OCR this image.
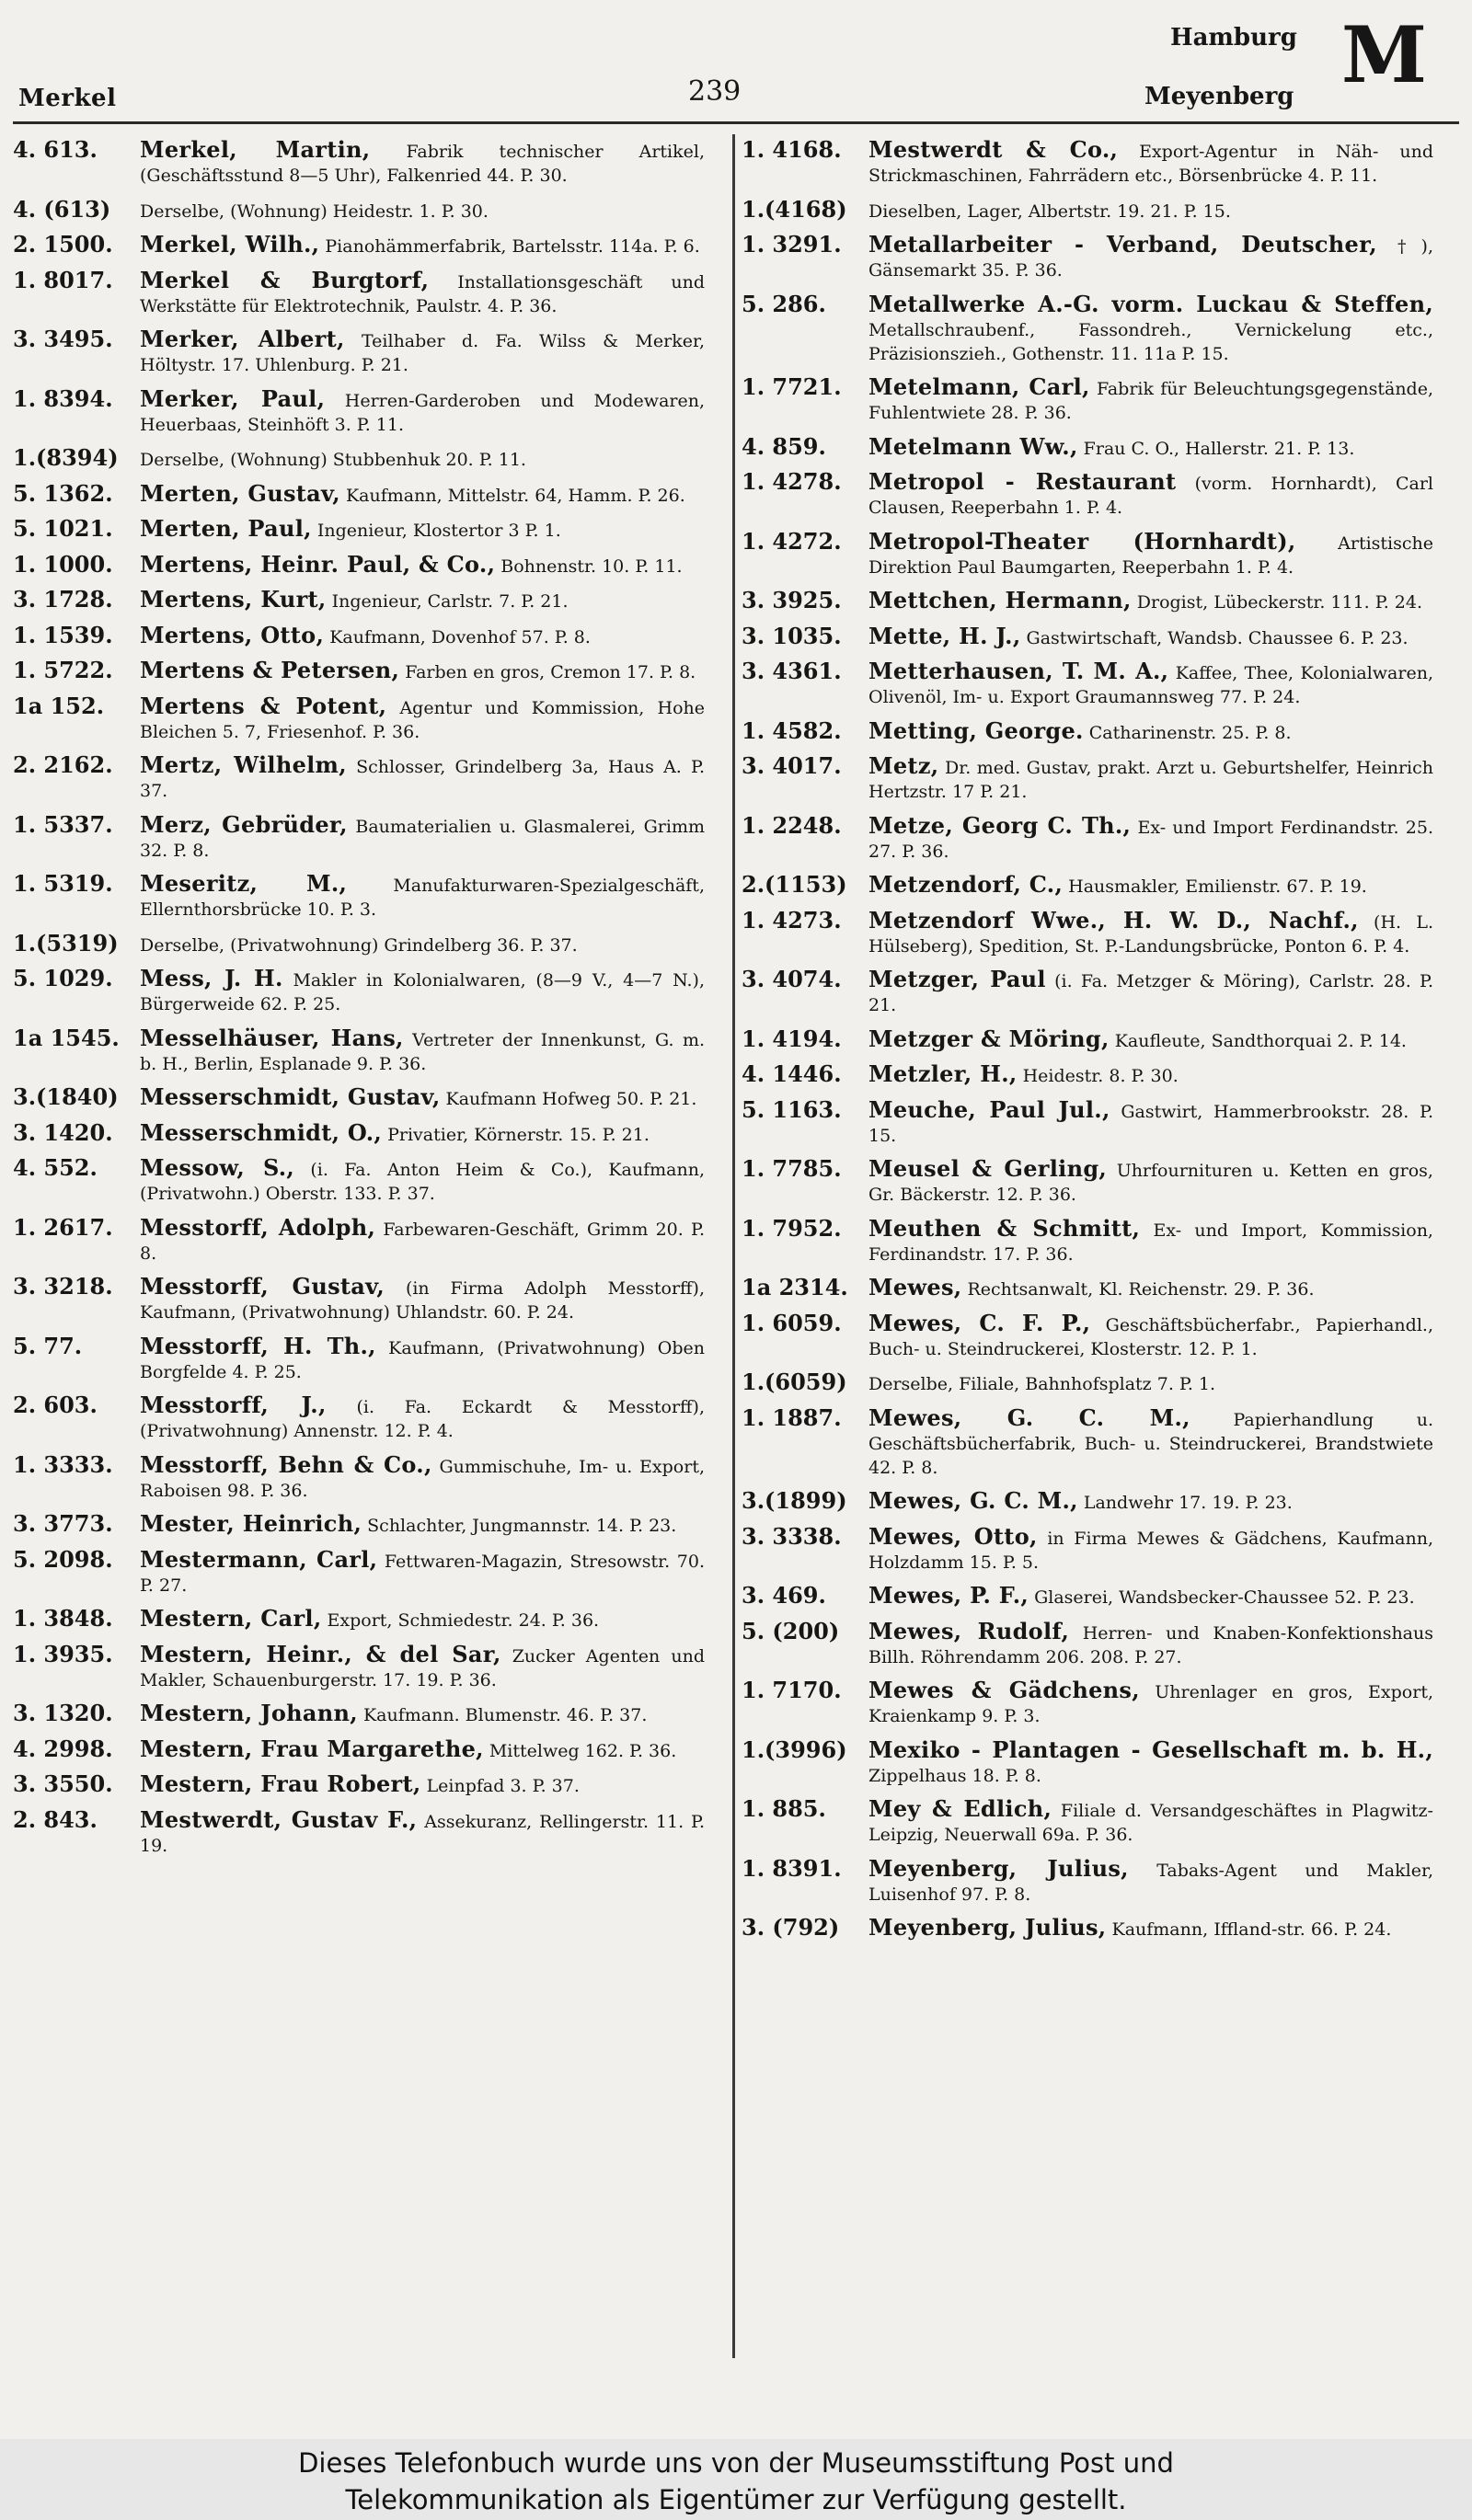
Merkel	239
Hamburg M
Meyenberg
4. 613.	Merkel, Martin, Fabrik technischer Artikel,(Geschäftsstund 8—5 Uhr), Falkenried 44. P. 30.
4. (613)	Derselbe, (Wohnung) Heidestr. 1. P. 30.
2. 1500.	Merkel, Wilh., Pianohämmerfabrik, Bartelsstr. 114a. P. 6.
1. 8017.	Merkel & Burgtorf, Installationsgeschäft und Werkstätte für Elektrotechnik, Paulstr. 4. P. 36.
3. 3495.	Merker, Albert, Teilhaber d. Fa. Wilss & Merker, Höltystr. 17. Uhlenburg. P. 21.
1. 8394.	Merker, Paul, Herren-Garderoben und Modewaren, Heuerbaas, Steinhöft 3. P. 11.
1.(8394)	Derselbe, (Wohnung) Stubbenhuk 20. P. 11.
5. 1362.	Merten, Gustav, Kaufmann, Mittelstr. 64, Hamm. P. 26.
5. 1021.	Merten, Paul, Ingenieur, Klostertor 3 P. 1.
1. 1000.	Mertens, Heinr. Paul, & Co., Bohnenstr. 10. P. 11.
3. 1728.	Mertens, Kurt, Ingenieur, Carlstr. 7. P. 21.
1. 1539.	Mertens, Otto, Kaufmann, Dovenhof 57. P. 8.
1. 5722.	Mertens & Petersen, Farben en gros, Cremon 17. P. 8.
1a 152.	Mertens & Potent, Agentur und Kommission, Hohe Bleichen 5. 7, Friesenhof. P. 36.
2. 2162.	Mertz, Wilhelm, Schlosser, Grindelberg 3a, Haus A. P. 37.
1. 5337.	Merz, Gebrüder, Baumaterialien u. Glasmalerei, Grimm 32. P. 8.
1. 5319.	Meseritz, M.,	Manufakturwaren-Spezialgeschäft, Ellernthorsbrücke 10. P. 3.
1.(5319)	Derselbe, (Privatwohnung) Grindelberg 36. P. 37.
5. 1029.	Mess, J. H. Makler in Kolonialwaren, (8—9 V., 4—7 N.), Bürgerweide 62. P. 25.
1a 1545. Messelhäuser, Hans, Vertreter der Innenkunst, G. m. b. H., Berlin, Esplanade 9. P. 36.
3.(1840) Messerschmidt, Gustav, Kaufmann Hofweg 50. P. 21.
3. 1420.	Messerschmidt, O., Privatier, Körnerstr. 15. P. 21.
4. 552.	Messow, S., (i. Fa. Anton Heim & Co.), Kaufmann, (Privatwohn.) Oberstr. 133. P. 37.
1. 2617.	Messtorff, Adolph, Farbewaren-Geschäft, Grimm 20. P. 8.
3. 3218.	Messtorff, Gustav, (in Firma Adolph Messtorff), Kaufmann, (Privatwohnung) Uhlandstr. 60. P. 24.
5. 77.	Messtorff, H. Th., Kaufmann, (Privatwohnung) Oben Borgfelde 4. P. 25.
2. 603.	Messtorff, J., (i. Fa. Eckardt & Messtorff), (Privatwohnung) Annenstr. 12. P. 4.
1. 3333.	Messtorff, Behn & Co., Gummischuhe, Im- u. Export, Raboisen 98. P. 36.
3. 3773.	Mester, Heinrich, Schlachter, Jungmannstr. 14. P. 23.
5. 2098.	Mestermann, Carl, Fettwaren-Magazin, Stresowstr. 70. P. 27.
1. 3848.	Mestern, Carl, Export, Schmiedestr. 24. P. 36.
1. 3935.	Mestern, Heinr., & del Sar, Zucker Agenten und Makler, Schauenburgerstr. 17. 19. P. 36.
3. 1320.	Mestern, Johann, Kaufmann. Blumenstr. 46. P. 37.
4. 2998.	Mestern, Frau Margarethe, Mittelweg 162. P. 36.
3. 3550.	Mestern, Frau Robert, Leinpfad 3. P. 37.
2. 843.	Mestwerdt, Gustav F., Assekuranz, Rellingerstr. 11. P. 19.
1. 4168.	Mestwerdt & Co., Export-Agentur in Näh- und Strickmaschinen, Fahrrädern etc., Börsenbrücke 4. P. 11.
1.(4168)	Dieselben, Lager, Albertstr. 19. 21. P. 15.
1. 3291.	Metallarbeiter - Verband, Deutscher, †), Gänsemarkt 35. P. 36.
5. 286.	Metallwerke A.-G. vorm. Luckau & Steffen, Metallschraubenf., Fassondreh., Vernickelung etc., Präzisionszieh., Gothenstr. 11. 11a P. 15.
1. 7721.	Metelmann, Carl, Fabrik für Beleuchtungsgegenstände, Fuhlentwiete 28. P. 36.
4. 859.	Metelmann Ww., Frau C. O., Hallerstr. 21. P. 13.
1. 4278.	Metropol - Restaurant (vorm. Hornhardt), Carl Clausen, Reeperbahn 1. P. 4.
1. 4272.	Metropol-Theater (Hornhardt), Artistische Direktion Paul Baumgarten, Reeperbahn 1. P. 4.
3. 3925.	Mettchen, Hermann, Drogist, Lübeckerstr. 111. P. 24.
3. 1035.	Mette, H. J., Gastwirtschaft, Wandsb. Chaussee 6. P. 23.
3. 4361.	Metterhausen, T. M. A., Kaffee, Thee, Kolonialwaren, Olivenöl, Im- u. Export Graumannsweg 77. P. 24.
1. 4582.	Metting, George. Catharinenstr. 25. P. 8.
3. 4017.	Metz, Dr. med. Gustav, prakt. Arzt u. Geburtshelfer, Heinrich Hertzstr. 17 P. 21.
1. 2248.	Metze, Georg C. Th., Ex- und Import Ferdinandstr. 25. 27. P. 36.
2.(1153) Metzendorf, C., Hausmakler, Emilienstr. 67. P. 19.
1. 4273.	Metzendorf Wwe., H. W. D., Nachf., (H. L. Hülseberg), Spedition, St. P.-Landungsbrücke, Ponton 6. P. 4.
3. 4074.	Metzger, Paul (i. Fa. Metzger & Möring), Carlstr. 28. P. 21.
1. 4194.	Metzger & Möring, Kaufleute, Sandthorquai 2. P. 14.
4. 1446.	Metzler, H., Heidestr. 8. P. 30.
5. 1163.	Meuche, Paul Jul., Gastwirt, Hammerbrookstr. 28. P. 15.
1. 7785.	Meusel & Gerling, Uhrfournituren u. Ketten en gros, Gr. Bäckerstr. 12. P. 36.
1. 7952.	Meuthen & Schmitt, Ex- und Import, Kommission, Ferdinandstr. 17. P. 36.
1a 2314. Mewes, Rechtsanwalt, Kl. Reichenstr. 29. P. 36.
1. 6059.	Mewes, C. F. P., Geschäftsbücherfabr., Papierhandl., Buch- u. Steindruckerei, Klosterstr. 12. P. 1.
1.(6059)	Derselbe, Filiale, Bahnhofsplatz 7. P. 1.
1. 1887.	Mewes, G. C. M., Papierhandlung u. Geschäftsbücherfabrik, Buch- u. Steindruckerei, Brandstwiete 42. P. 8.
3.(1899) Mewes, G. C. M., Landwehr 17. 19. P. 23.
3. 3338.	Mewes, Otto, in Firma Mewes & Gädchens, Kaufmann, Holzdamm 15. P. 5.
3. 469.	Mewes, P. F., Glaserei, Wandsbecker-Chaussee 52. P. 23.
5. (200)	Mewes, Rudolf, Herren- und Knaben-Konfektionshaus Billh. Röhrendamm 206. 208. P. 27.
1. 7170.	Mewes & Gädchens, Uhrenlager en gros, Export, Kraienkamp 9. P. 3.
1.(3996) Mexiko - Plantagen - Gesellschaft m. b. H., Zippelhaus 18. P. 8.
1. 885.	Mey & Edlich, Filiale d. Versandgeschäftes in Plagwitz-Leipzig, Neuerwall 69a. P. 36.
1. 8391.	Meyenberg, Julius, Tabaks-Agent und Makler, Luisenhof 97. P. 8.
3. (792)	Meyenberg, Julius, Kaufmann, Iffland-str. 66. P. 24.
Dieses Telefonbuch wurde uns von der Museumsstiftung Post und
Telekommunikation als Eigentümer zur Verfügung gestellt.
